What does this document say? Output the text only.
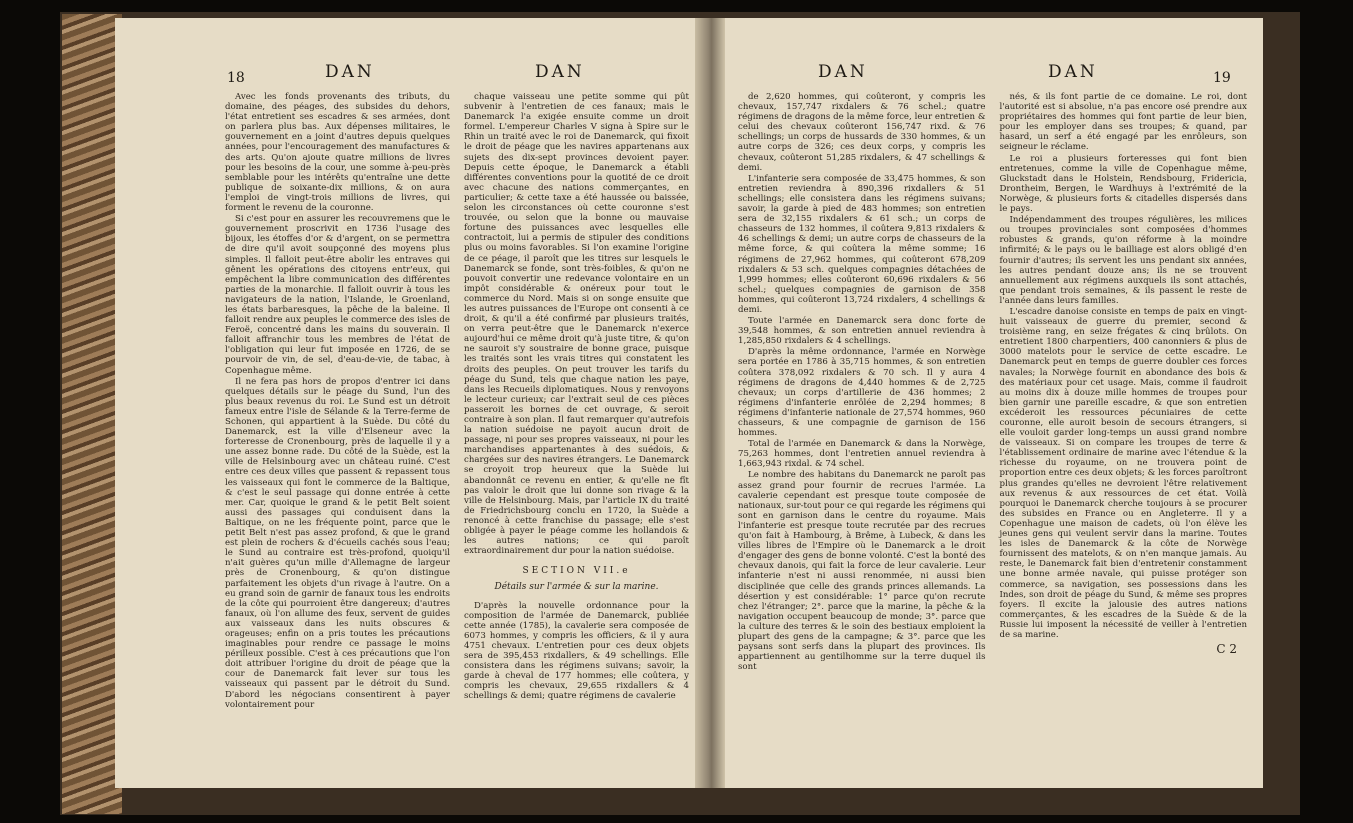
18	DAN	DAN

Avec les fonds provenants des tributs, du domaine, des péages, des subsides du dehors, l'état entretient ses escadres & ses armées, dont on parlera plus bas. Aux dépenses militaires, le gouvernement en a joint d'autres depuis quelques années, pour l'encouragement des manufactures & des arts. Qu'on ajoute quatre millions de livres pour les besoins de la cour, une somme à-peu-près semblable pour les intérêts qu'entraîne une dette publique de soixante-dix millions, & on aura l'emploi de vingt-trois millions de livres, qui forment le revenu de la couronne.

Si c'est pour en assurer les recouvremens que le gouvernement proscrivit en 1736 l'usage des bijoux, les étoffes d'or & d'argent, on se permettra de dire qu'il avoit soupçonné des moyens plus simples. Il falloit peut-être abolir les entraves qui gênent les opérations des citoyens entr'eux, qui empêchent la libre communication des différentes parties de la monarchie. Il falloit ouvrir à tous les navigateurs de la nation, l'Islande, le Groenland, les états barbaresques, la pêche de la baleine. Il falloit rendre aux peuples le commerce des isles de Feroë, concentré dans les mains du souverain. Il falloit affranchir tous les membres de l'état de l'obligation qui leur fut imposée en 1726, de se pourvoir de vin, de sel, d'eau-de-vie, de tabac, à Copenhague même.

Il ne fera pas hors de propos d'entrer ici dans quelques détails sur le péage du Sund, l'un des plus beaux revenus du roi. Le Sund est un détroit fameux entre l'isle de Sélande & la Terre-ferme de Schonen, qui appartient à la Suède. Du côté du Danemarck, est la ville d'Elseneur avec la forteresse de Cronenbourg, près de laquelle il y a une assez bonne rade. Du côté de la Suède, est la ville de Helsinbourg avec un château ruiné. C'est entre ces deux villes que passent & repassent tous les vaisseaux qui font le commerce de la Baltique, & c'est le seul passage qui donne entrée à cette mer. Car, quoique le grand & le petit Belt soient aussi des passages qui conduisent dans la Baltique, on ne les fréquente point, parce que le petit Belt n'est pas assez profond, & que le grand est plein de rochers & d'écueils cachés sous l'eau; le Sund au contraire est très-profond, quoiqu'il n'ait guères qu'un mille d'Allemagne de largeur près de Cronenbourg, & qu'on distingue parfaitement les objets d'un rivage à l'autre. On a eu grand soin de garnir de fanaux tous les endroits de la côte qui pourroient être dangereux; d'autres fanaux, où l'on allume des feux, servent de guides aux vaisseaux dans les nuits obscures & orageuses; enfin on a pris toutes les précautions imaginables pour rendre ce passage le moins périlleux possible. C'est à ces précautions que l'on doit attribuer l'origine du droit de péage que la cour de Danemarck fait lever sur tous les vaisseaux qui passent par le détroit du Sund. D'abord les négocians consentirent à payer volontairement pour

chaque vaisseau une petite somme qui pût subvenir à l'entretien de ces fanaux; mais le Danemarck l'a exigée ensuite comme un droit formel. L'empereur Charles V signa à Spire sur le Rhin un traité avec le roi de Danemarck, qui fixoit le droit de péage que les navires appartenans aux sujets des dix-sept provinces devoient payer. Depuis cette époque, le Danemarck a établi différentes conventions pour la quotité de ce droit avec chacune des nations commerçantes, en particulier; & cette taxe a été haussée ou baissée, selon les circonstances où cette couronne s'est trouvée, ou selon que la bonne ou mauvaise fortune des puissances avec lesquelles elle contractoit, lui a permis de stipuler des conditions plus ou moins favorables. Si l'on examine l'origine de ce péage, il paroît que les titres sur lesquels le Danemarck se fonde, sont très-foibles, & qu'on ne pouvoit convertir une redevance volontaire en un impôt considérable & onéreux pour tout le commerce du Nord. Mais si on songe ensuite que les autres puissances de l'Europe ont consenti à ce droit, & qu'il a été confirmé par plusieurs traités, on verra peut-être que le Danemarck n'exerce aujourd'hui ce même droit qu'à juste titre, & qu'on ne sauroit s'y soustraire de bonne grace, puisque les traités sont les vrais titres qui constatent les droits des peuples. On peut trouver les tarifs du péage du Sund, tels que chaque nation les paye, dans les Recueils diplomatiques. Nous y renvoyons le lecteur curieux; car l'extrait seul de ces pièces passeroit les bornes de cet ouvrage, & seroit contraire à son plan. Il faut remarquer qu'autrefois la nation suédoise ne payoit aucun droit de passage, ni pour ses propres vaisseaux, ni pour les marchandises appartenantes à des suédois, & chargées sur des navires étrangers. Le Danemarck se croyoit trop heureux que la Suède lui abandonnât ce revenu en entier, & qu'elle ne fît pas valoir le droit que lui donne son rivage & la ville de Helsinbourg. Mais, par l'article IX du traité de Friedrichsbourg conclu en 1720, la Suède a renoncé à cette franchise du passage; elle s'est obligée à payer le péage comme les hollandois & les autres nations; ce qui paroît extraordinairement dur pour la nation suédoise.

SECTION VII.e
Détails sur l'armée & sur la marine.

D'après la nouvelle ordonnance pour la composition de l'armée de Danemarck, publiée cette année (1785), la cavalerie sera composée de 6073 hommes, y compris les officiers, & il y aura 4751 chevaux. L'entretien pour ces deux objets sera de 395,453 rixdallers, & 49 schellings. Elle consistera dans les régimens suivans; savoir, la garde à cheval de 177 hommes; elle coûtera, y compris les chevaux, 29,655 rixdallers & 4 schellings & demi; quatre régimens de cavalerie

DAN	DAN	19

de 2,620 hommes, qui coûteront, y compris les chevaux, 157,747 rixdalers & 76 schel.; quatre régimens de dragons de la même force, leur entretien & celui des chevaux coûteront 156,747 rixd. & 76 schellings; un corps de hussards de 330 hommes, & un autre corps de 326; ces deux corps, y compris les chevaux, coûteront 51,285 rixdalers, & 47 schellings & demi.

L'infanterie sera composée de 33,475 hommes, & son entretien reviendra à 890,396 rixdallers & 51 schellings; elle consistera dans les régimens suivans; savoir, la garde à pied de 483 hommes; son entretien sera de 32,155 rixdalers & 61 sch.; un corps de chasseurs de 132 hommes, il coûtera 9,813 rixdalers & 46 schellings & demi; un autre corps de chasseurs de la même force, & qui coûtera la même somme; 16 régimens de 27,962 hommes, qui coûteront 678,209 rixdalers & 53 sch. quelques compagnies détachées de 1,999 hommes; elles coûteront 60,696 rixdalers & 56 schel.; quelques compagnies de garnison de 358 hommes, qui coûteront 13,724 rixdalers, 4 schellings & demi.

Toute l'armée en Danemarck sera donc forte de 39,548 hommes, & son entretien annuel reviendra à 1,285,850 rixdalers & 4 schellings.

D'après la même ordonnance, l'armée en Norwège sera portée en 1786 à 35,715 hommes, & son entretien coûtera 378,092 rixdalers & 70 sch. Il y aura 4 régimens de dragons de 4,440 hommes & de 2,725 chevaux; un corps d'artillerie de 436 hommes; 2 régimens d'infanterie enrôlée de 2,294 hommes; 8 régimens d'infanterie nationale de 27,574 hommes, 960 chasseurs, & une compagnie de garnison de 156 hommes.

Total de l'armée en Danemarck & dans la Norwège, 75,263 hommes, dont l'entretien annuel reviendra à 1,663,943 rixdal. & 74 schel.

Le nombre des habitans du Danemarck ne paroît pas assez grand pour fournir de recrues l'armée. La cavalerie cependant est presque toute composée de nationaux, sur-tout pour ce qui regarde les régimens qui sont en garnison dans le centre du royaume. Mais l'infanterie est presque toute recrutée par des recrues qu'on fait à Hambourg, à Brême, à Lubeck, & dans les villes libres de l'Empire où le Danemarck a le droit d'engager des gens de bonne volonté. C'est la bonté des chevaux danois, qui fait la force de leur cavalerie. Leur infanterie n'est ni aussi renommée, ni aussi bien disciplinée que celle des grands princes allemands. La désertion y est considérable: 1° parce qu'on recrute chez l'étranger; 2°. parce que la marine, la pêche & la navigation occupent beaucoup de monde; 3°. parce que la culture des terres & le soin des bestiaux emploient la plupart des gens de la campagne; & 3°. parce que les paysans sont serfs dans la plupart des provinces. Ils appartiennent au gentilhomme sur la terre duquel ils sont

nés, & ils font partie de ce domaine. Le roi, dont l'autorité est si absolue, n'a pas encore osé prendre aux propriétaires des hommes qui font partie de leur bien, pour les employer dans ses troupes; & quand, par hasard, un serf a été engagé par les enrôleurs, son seigneur le réclame.

Le roi a plusieurs forteresses qui font bien entretenues, comme la ville de Copenhague même, Gluckstadt dans le Holstein, Rendsbourg, Fridericia, Drontheim, Bergen, le Wardhuys à l'extrémité de la Norwège, & plusieurs forts & citadelles dispersés dans le pays.

Indépendamment des troupes régulières, les milices ou troupes provinciales sont composées d'hommes robustes & grands, qu'on réforme à la moindre infirmité; & le pays ou le bailliage est alors obligé d'en fournir d'autres; ils servent les uns pendant six années, les autres pendant douze ans; ils ne se trouvent annuellement aux régimens auxquels ils sont attachés, que pendant trois semaines, & ils passent le reste de l'année dans leurs familles.

L'escadre danoise consiste en temps de paix en vingt-huit vaisseaux de guerre du premier, second & troisième rang, en seize frégates & cinq brûlots. On entretient 1800 charpentiers, 400 canonniers & plus de 3000 matelots pour le service de cette escadre. Le Danemarck peut en temps de guerre doubler ces forces navales; la Norwège fournit en abondance des bois & des matériaux pour cet usage. Mais, comme il faudroit au moins dix à douze mille hommes de troupes pour bien garnir une pareille escadre, & que son entretien excéderoit les ressources pécuniaires de cette couronne, elle auroit besoin de secours étrangers, si elle vouloit garder long-temps un aussi grand nombre de vaisseaux. Si on compare les troupes de terre & l'établissement ordinaire de marine avec l'étendue & la richesse du royaume, on ne trouvera point de proportion entre ces deux objets; & les forces paroîtront plus grandes qu'elles ne devroient l'être relativement aux revenus & aux ressources de cet état. Voilà pourquoi le Danemarck cherche toujours à se procurer des subsides en France ou en Angleterre. Il y a Copenhague une maison de cadets, où l'on élève les jeunes gens qui veulent servir dans la marine. Toutes les isles de Danemarck & la côte de Norwège fournissent des matelots, & on n'en manque jamais. Au reste, le Danemarck fait bien d'entretenir constamment une bonne armée navale, qui puisse protéger son commerce, sa navigation, ses possessions dans les Indes, son droit de péage du Sund, & même ses propres foyers. Il excite la jalousie des autres nations commerçantes, & les escadres de la Suède & de la Russie lui imposent la nécessité de veiller à l'entretien de sa marine.

C 2
